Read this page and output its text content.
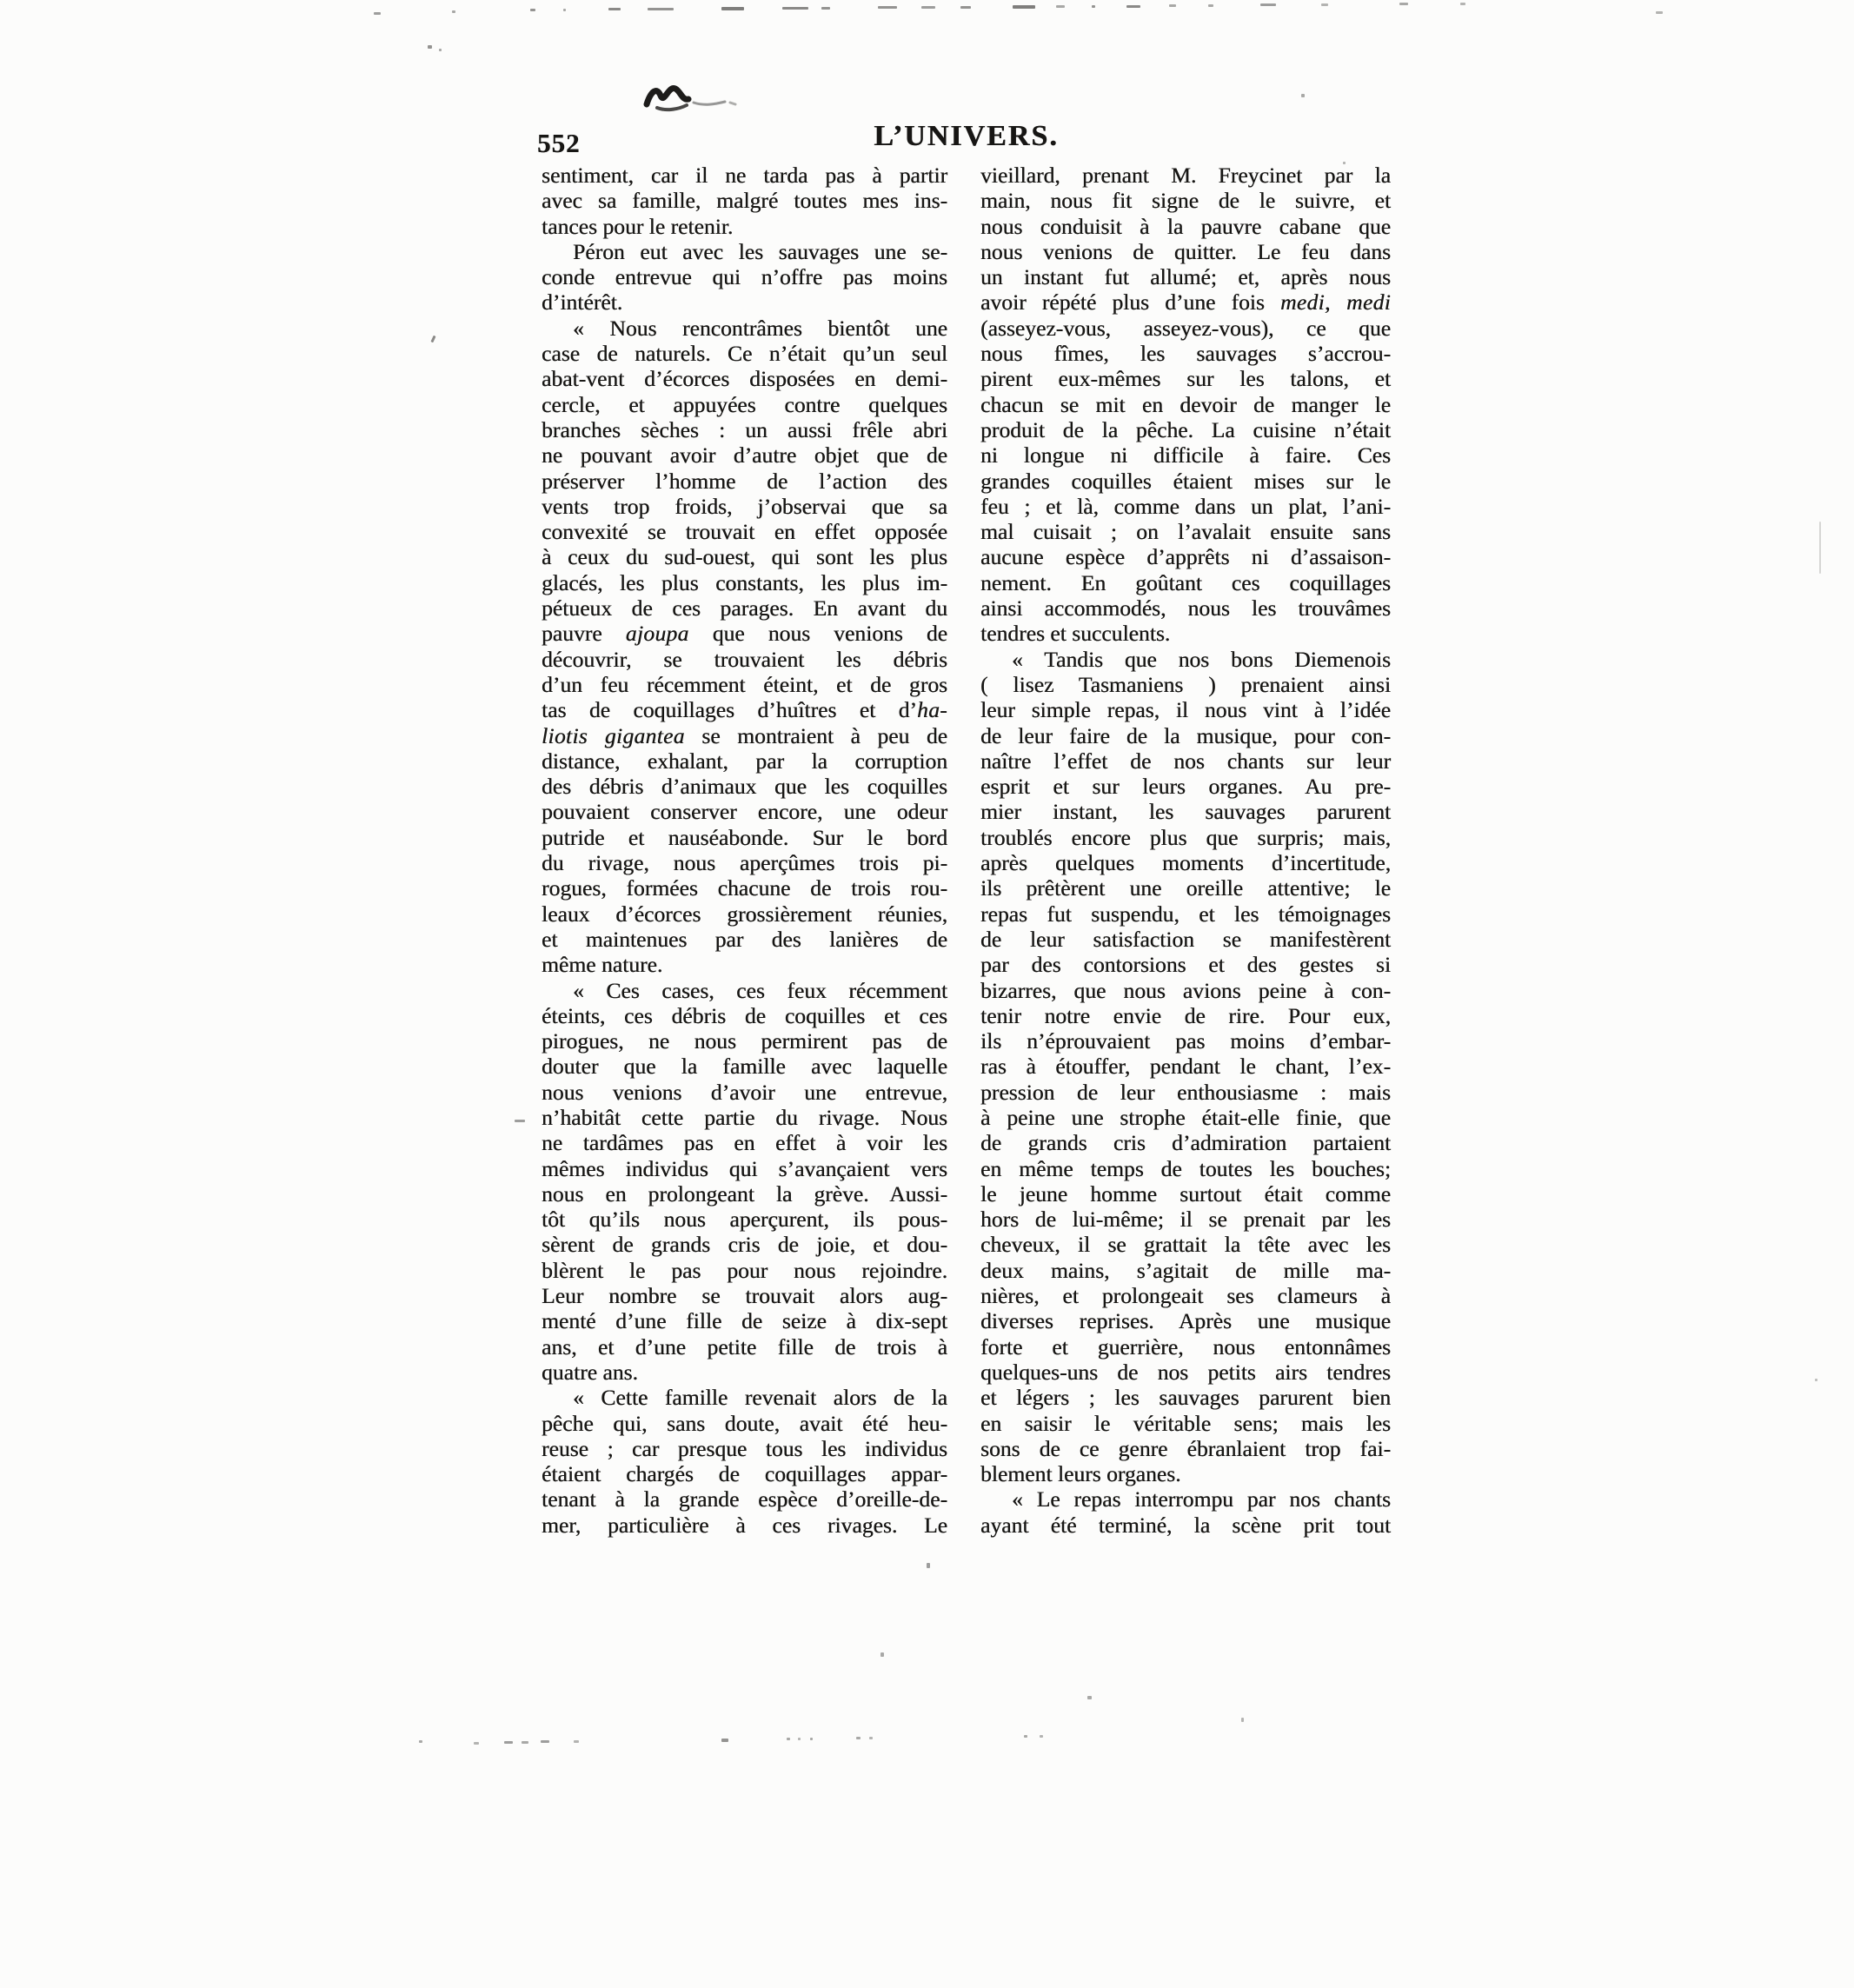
552	L’UNIVERS.
sentiment, car il ne tarda pas à partir
avec sa famille, malgré toutes mes ins-
tances pour le retenir.
Péron eut avec les sauvages une se-
conde entrevue qui n’offre pas moins
d’intérêt.
« Nous rencontrâmes bientôt une
case de naturels. Ce n’était qu’un seul
abat-vent d’écorces disposées en demi-
cercle, et appuyées contre quelques
branches sèches : un aussi frêle abri
ne pouvant avoir d’autre objet que de
préserver l’homme de l’action des
vents trop froids, j’observai que sa
convexité se trouvait en effet opposée
à ceux du sud-ouest, qui sont les plus
glacés, les plus constants, les plus im-
pétueux de ces parages. En avant du
pauvre ajoupa que nous venions de
découvrir, se trouvaient les débris
d’un feu récemment éteint, et de gros
tas de coquillages d’huîtres et d’ha-
liotis gigantea se montraient à peu de
distance, exhalant, par la corruption
des débris d’animaux que les coquilles
pouvaient conserver encore, une odeur
putride et nauséabonde. Sur le bord
du rivage, nous aperçûmes trois pi-
rogues, formées chacune de trois rou-
leaux d’écorces grossièrement réunies,
et maintenues par des lanières de
même nature.
« Ces cases, ces feux récemment
éteints, ces débris de coquilles et ces
pirogues, ne nous permirent pas de
douter que la famille avec laquelle
nous venions d’avoir une entrevue,
n’habitât cette partie du rivage. Nous
ne tardâmes pas en effet à voir les
mêmes individus qui s’avançaient vers
nous en prolongeant la grève. Aussi-
tôt qu’ils nous aperçurent, ils pous-
sèrent de grands cris de joie, et dou-
blèrent le pas pour nous rejoindre.
Leur nombre se trouvait alors aug-
menté d’une fille de seize à dix-sept
ans, et d’une petite fille de trois à
quatre ans.
« Cette famille revenait alors de la
pêche qui, sans doute, avait été heu-
reuse ; car presque tous les individus
étaient chargés de coquillages appar-
tenant à la grande espèce d’oreille-de-
mer, particulière à ces rivages. Le
vieillard, prenant M. Freycinet par la
main, nous fit signe de le suivre, et
nous conduisit à la pauvre cabane que
nous venions de quitter. Le feu dans
un instant fut allumé; et, après nous
avoir répété plus d’une fois medi, medi
(asseyez-vous, asseyez-vous), ce que
nous fîmes, les sauvages s’accrou-
pirent eux-mêmes sur les talons, et
chacun se mit en devoir de manger le
produit de la pêche. La cuisine n’était
ni longue ni difficile à faire. Ces
grandes coquilles étaient mises sur le
feu ; et là, comme dans un plat, l’ani-
mal cuisait ; on l’avalait ensuite sans
aucune espèce d’apprêts ni d’assaison-
nement. En goûtant ces coquillages
ainsi accommodés, nous les trouvâmes
tendres et succulents.
« Tandis que nos bons Diemenois
( lisez Tasmaniens ) prenaient ainsi
leur simple repas, il nous vint à l’idée
de leur faire de la musique, pour con-
naître l’effet de nos chants sur leur
esprit et sur leurs organes. Au pre-
mier instant, les sauvages parurent
troublés encore plus que surpris; mais,
après quelques moments d’incertitude,
ils prêtèrent une oreille attentive; le
repas fut suspendu, et les témoignages
de leur satisfaction se manifestèrent
par des contorsions et des gestes si
bizarres, que nous avions peine à con-
tenir notre envie de rire. Pour eux,
ils n’éprouvaient pas moins d’embar-
ras à étouffer, pendant le chant, l’ex-
pression de leur enthousiasme : mais
à peine une strophe était-elle finie, que
de grands cris d’admiration partaient
en même temps de toutes les bouches;
le jeune homme surtout était comme
hors de lui-même; il se prenait par les
cheveux, il se grattait la tête avec les
deux mains, s’agitait de mille ma-
nières, et prolongeait ses clameurs à
diverses reprises. Après une musique
forte et guerrière, nous entonnâmes
quelques-uns de nos petits airs tendres
et légers ; les sauvages parurent bien
en saisir le véritable sens; mais les
sons de ce genre ébranlaient trop fai-
blement leurs organes.
« Le repas interrompu par nos chants
ayant été terminé, la scène prit tout
